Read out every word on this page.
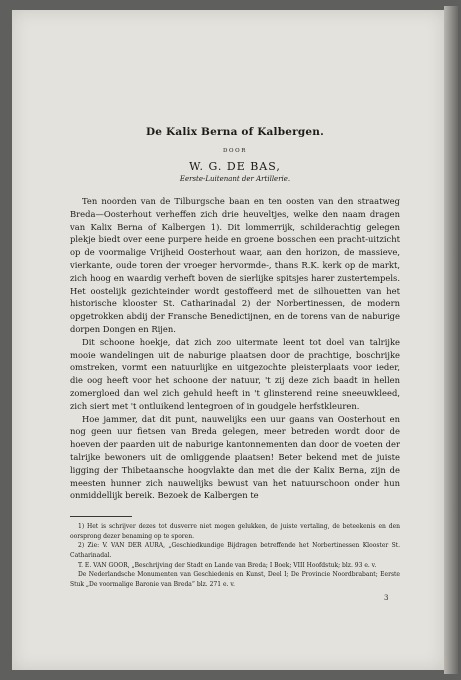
De Kalix Berna of Kalbergen.

DOOR

W. G. DE BAS,

Eerste-Luitenant der Artillerie.

Ten noorden van de Tilburgsche baan en ten oosten van den straatweg Breda—Oosterhout verheffen zich drie heuveltjes, welke den naam dragen van Kalix Berna of Kalbergen 1). Dit lommerrijk, schilderachtig gelegen plekje biedt over eene purpere heide en groene bosschen een pracht-uitzicht op de voormalige Vrijheid Oosterhout waar, aan den horizon, de massieve, vierkante, oude toren der vroeger hervormde-, thans R.K. kerk op de markt, zich hoog en waardig verheft boven de sierlijke spitsjes harer zustertempels. Het oostelijk gezichteinder wordt gestoffeerd met de silhouetten van het historische klooster St. Catharinadal 2) der Norbertinessen, de modern opgetrokken abdij der Fransche Benedictijnen, en de torens van de naburige dorpen Dongen en Rijen.

Dit schoone hoekje, dat zich zoo uitermate leent tot doel van talrijke mooie wandelingen uit de naburige plaatsen door de prachtige, boschrijke omstreken, vormt een natuurlijke en uitgezochte pleisterplaats voor ieder, die oog heeft voor het schoone der natuur, 't zij deze zich baadt in hellen zomergloed dan wel zich gehuld heeft in 't glinsterend reine sneeuwkleed, zich siert met 't ontluikend lentegroen of in goudgele herfstkleuren.

Hoe jammer, dat dit punt, nauwelijks een uur gaans van Oosterhout en nog geen uur fietsen van Breda gelegen, meer betreden wordt door de hoeven der paarden uit de naburige kantonnementen dan door de voeten der talrijke bewoners uit de omliggende plaatsen! Beter bekend met de juiste ligging der Thibetaansche hoogvlakte dan met die der Kalix Berna, zijn de meesten hunner zich nauwelijks bewust van het natuurschoon onder hun onmiddellijk bereik. Bezoek de Kalbergen te

1) Het is schrijver dezes tot dusverre niet mogen gelukken, de juiste vertaling, de beteekenis en den oorsprong dezer benaming op te sporen.

2) Zie: V. VAN DER AURA, „Geschiedkundige Bijdragen betreffende het Norbertinessen Klooster St. Catharinadal.

T. E. VAN GOOR, „Beschrijving der Stadt en Lande van Breda; I Boek; VIII Hoofdstuk; blz. 93 e. v.

De Nederlandsche Monumenten van Geschiedenis en Kunst, Deel I; De Provincie Noordbrabant; Eerste Stuk „De voormalige Baronie van Breda” blz. 271 e. v.

3
